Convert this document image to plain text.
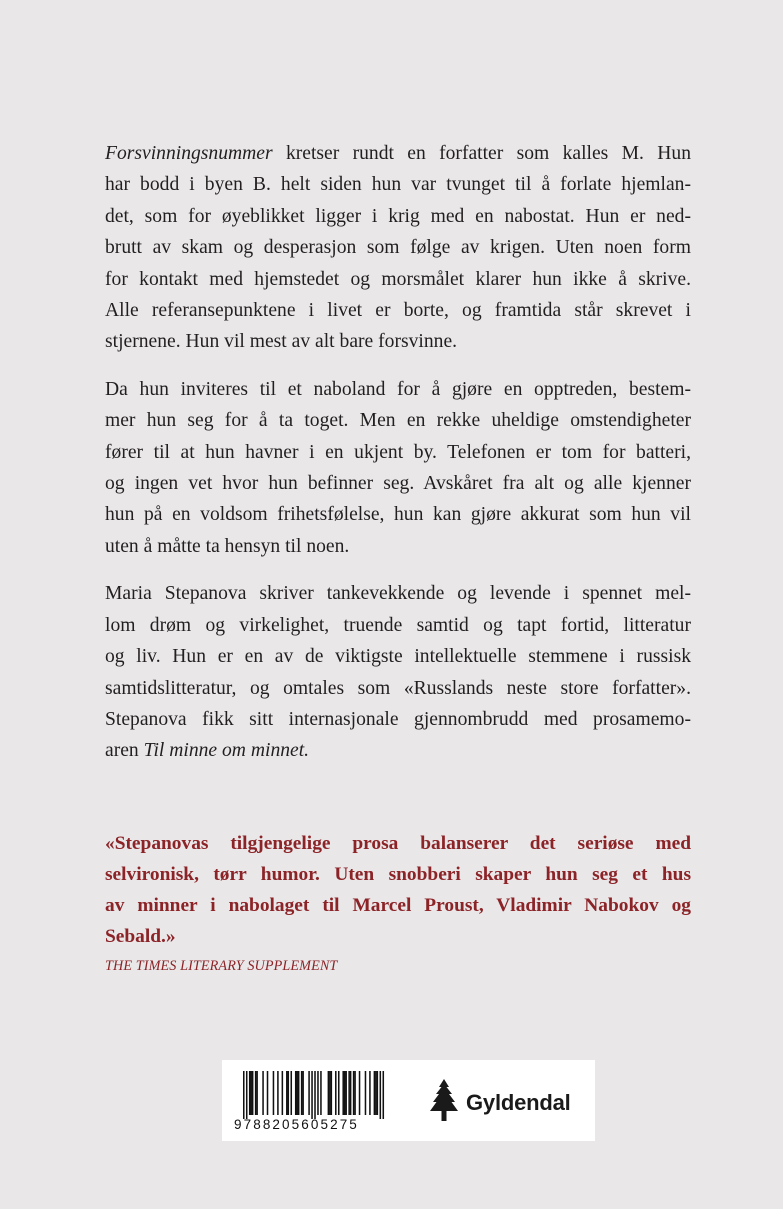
Forsvinningsnummer kretser rundt en forfatter som kalles M. Hun
har bodd i byen B. helt siden hun var tvunget til å forlate hjemlan-
det, som for øyeblikket ligger i krig med en nabostat. Hun er ned-
brutt av skam og desperasjon som følge av krigen. Uten noen form
for kontakt med hjemstedet og morsmålet klarer hun ikke å skrive.
Alle referansepunktene i livet er borte, og framtida står skrevet i
stjernene. Hun vil mest av alt bare forsvinne.

Da hun inviteres til et naboland for å gjøre en opptreden, bestem-
mer hun seg for å ta toget. Men en rekke uheldige omstendigheter
fører til at hun havner i en ukjent by. Telefonen er tom for batteri,
og ingen vet hvor hun befinner seg. Avskåret fra alt og alle kjenner
hun på en voldsom frihetsfølelse, hun kan gjøre akkurat som hun vil
uten å måtte ta hensyn til noen.

Maria Stepanova skriver tankevekkende og levende i spennet mel-
lom drøm og virkelighet, truende samtid og tapt fortid, litteratur
og liv. Hun er en av de viktigste intellektuelle stemmene i russisk
samtidslitteratur, og omtales som «Russlands neste store forfatter».
Stepanova fikk sitt internasjonale gjennombrudd med prosamemo-
aren Til minne om minnet.

«Stepanovas tilgjengelige prosa balanserer det seriøse med
selvironisk, tørr humor. Uten snobberi skaper hun seg et hus
av minner i nabolaget til Marcel Proust, Vladimir Nabokov og
Sebald.»
THE TIMES LITERARY SUPPLEMENT
9788205605275
Gyldendal
